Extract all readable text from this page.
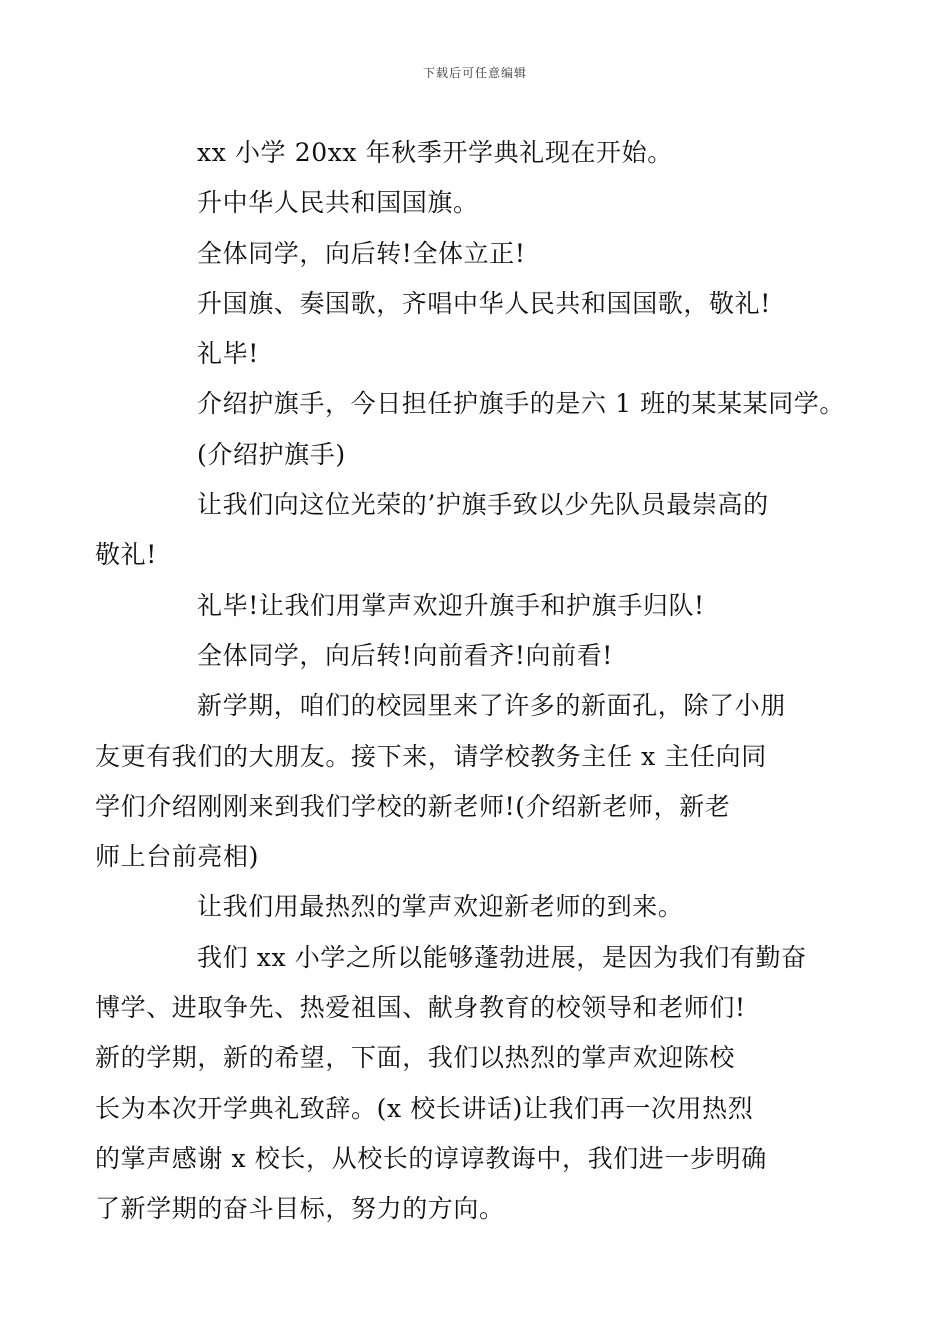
下载后可任意编辑

xx 小学 20xx 年秋季开学典礼现在开始。

升中华人民共和国国旗。

全体同学，向后转!全体立正!

升国旗、奏国歌，齐唱中华人民共和国国歌，敬礼!

礼毕!

介绍护旗手，今日担任护旗手的是六 1 班的某某某同学。

(介绍护旗手)

让我们向这位光荣的’护旗手致以少先队员最崇高的
敬礼!

礼毕!让我们用掌声欢迎升旗手和护旗手归队!

全体同学，向后转!向前看齐!向前看!

新学期，咱们的校园里来了许多的新面孔，除了小朋
友更有我们的大朋友。接下来，请学校教务主任 x 主任向同
学们介绍刚刚来到我们学校的新老师!(介绍新老师，新老
师上台前亮相)

让我们用最热烈的掌声欢迎新老师的到来。

我们 xx 小学之所以能够蓬勃进展，是因为我们有勤奋
博学、进取争先、热爱祖国、献身教育的校领导和老师们!
新的学期，新的希望，下面，我们以热烈的掌声欢迎陈校
长为本次开学典礼致辞。(x 校长讲话)让我们再一次用热烈
的掌声感谢 x 校长，从校长的谆谆教诲中，我们进一步明确
了新学期的奋斗目标，努力的方向。
